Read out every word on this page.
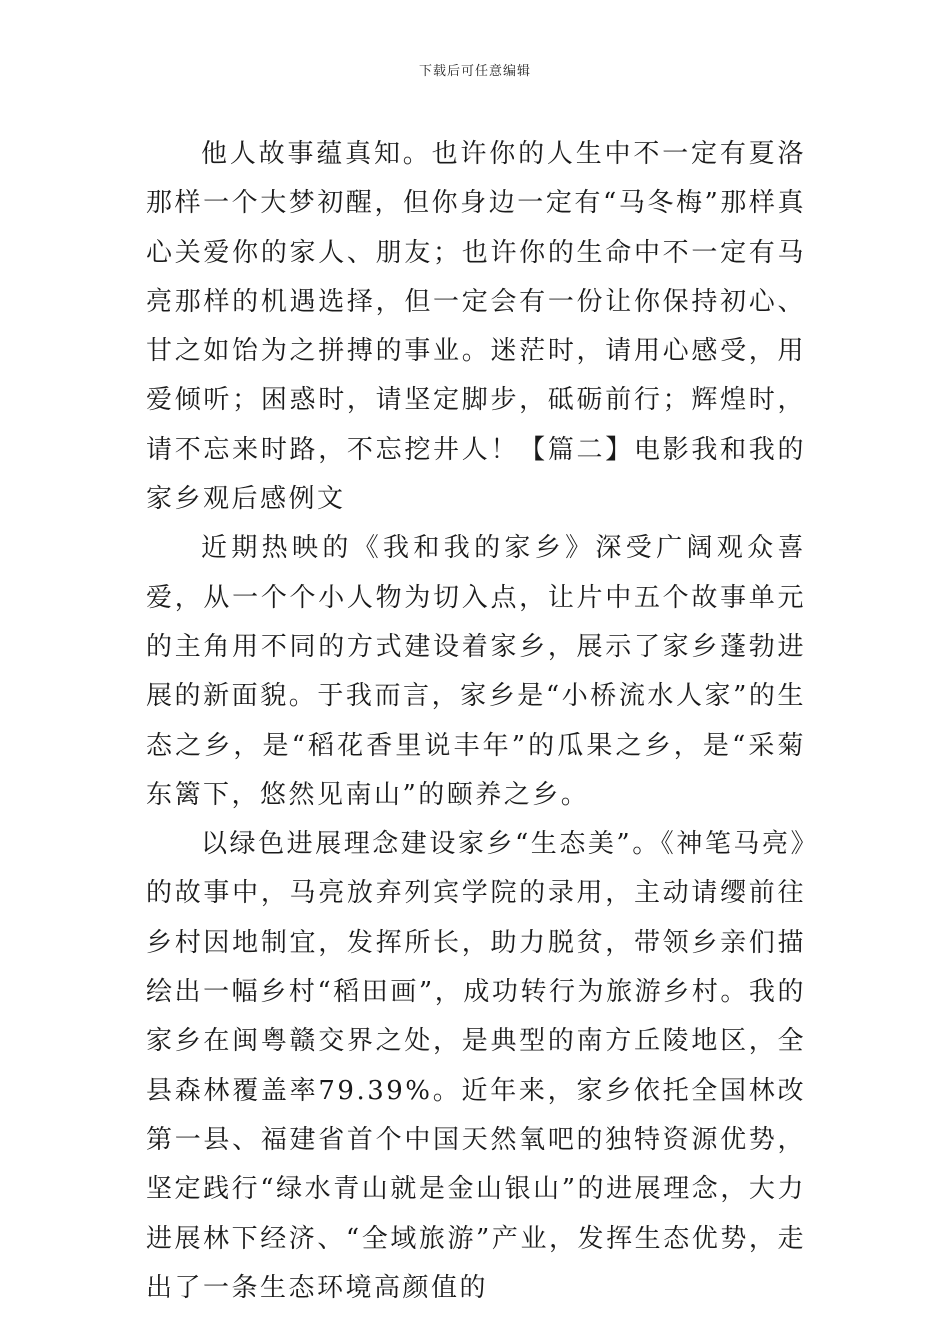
下载后可任意编辑

他人故事蕴真知。也许你的人生中不一定有夏洛那样一个大梦初醒，但你身边一定有“马冬梅”那样真心关爱你的家人、朋友；也许你的生命中不一定有马亮那样的机遇选择，但一定会有一份让你保持初心、甘之如饴为之拼搏的事业。迷茫时，请用心感受，用爱倾听；困惑时，请坚定脚步，砥砺前行；辉煌时，请不忘来时路，不忘挖井人！【篇二】电影我和我的家乡观后感例文

近期热映的《我和我的家乡》深受广阔观众喜爱，从一个个小人物为切入点，让片中五个故事单元的主角用不同的方式建设着家乡，展示了家乡蓬勃进展的新面貌。于我而言，家乡是“小桥流水人家”的生态之乡，是“稻花香里说丰年”的瓜果之乡，是“采菊东篱下，悠然见南山”的颐养之乡。

以绿色进展理念建设家乡“生态美”。《神笔马亮》的故事中，马亮放弃列宾学院的录用，主动请缨前往乡村因地制宜，发挥所长，助力脱贫，带领乡亲们描绘出一幅乡村“稻田画”，成功转行为旅游乡村。我的家乡在闽粤赣交界之处，是典型的南方丘陵地区，全县森林覆盖率79.39%。近年来，家乡依托全国林改第一县、福建省首个中国天然氧吧的独特资源优势，坚定践行“绿水青山就是金山银山”的进展理念，大力进展林下经济、“全域旅游”产业，发挥生态优势，走出了一条生态环境高颜值的
